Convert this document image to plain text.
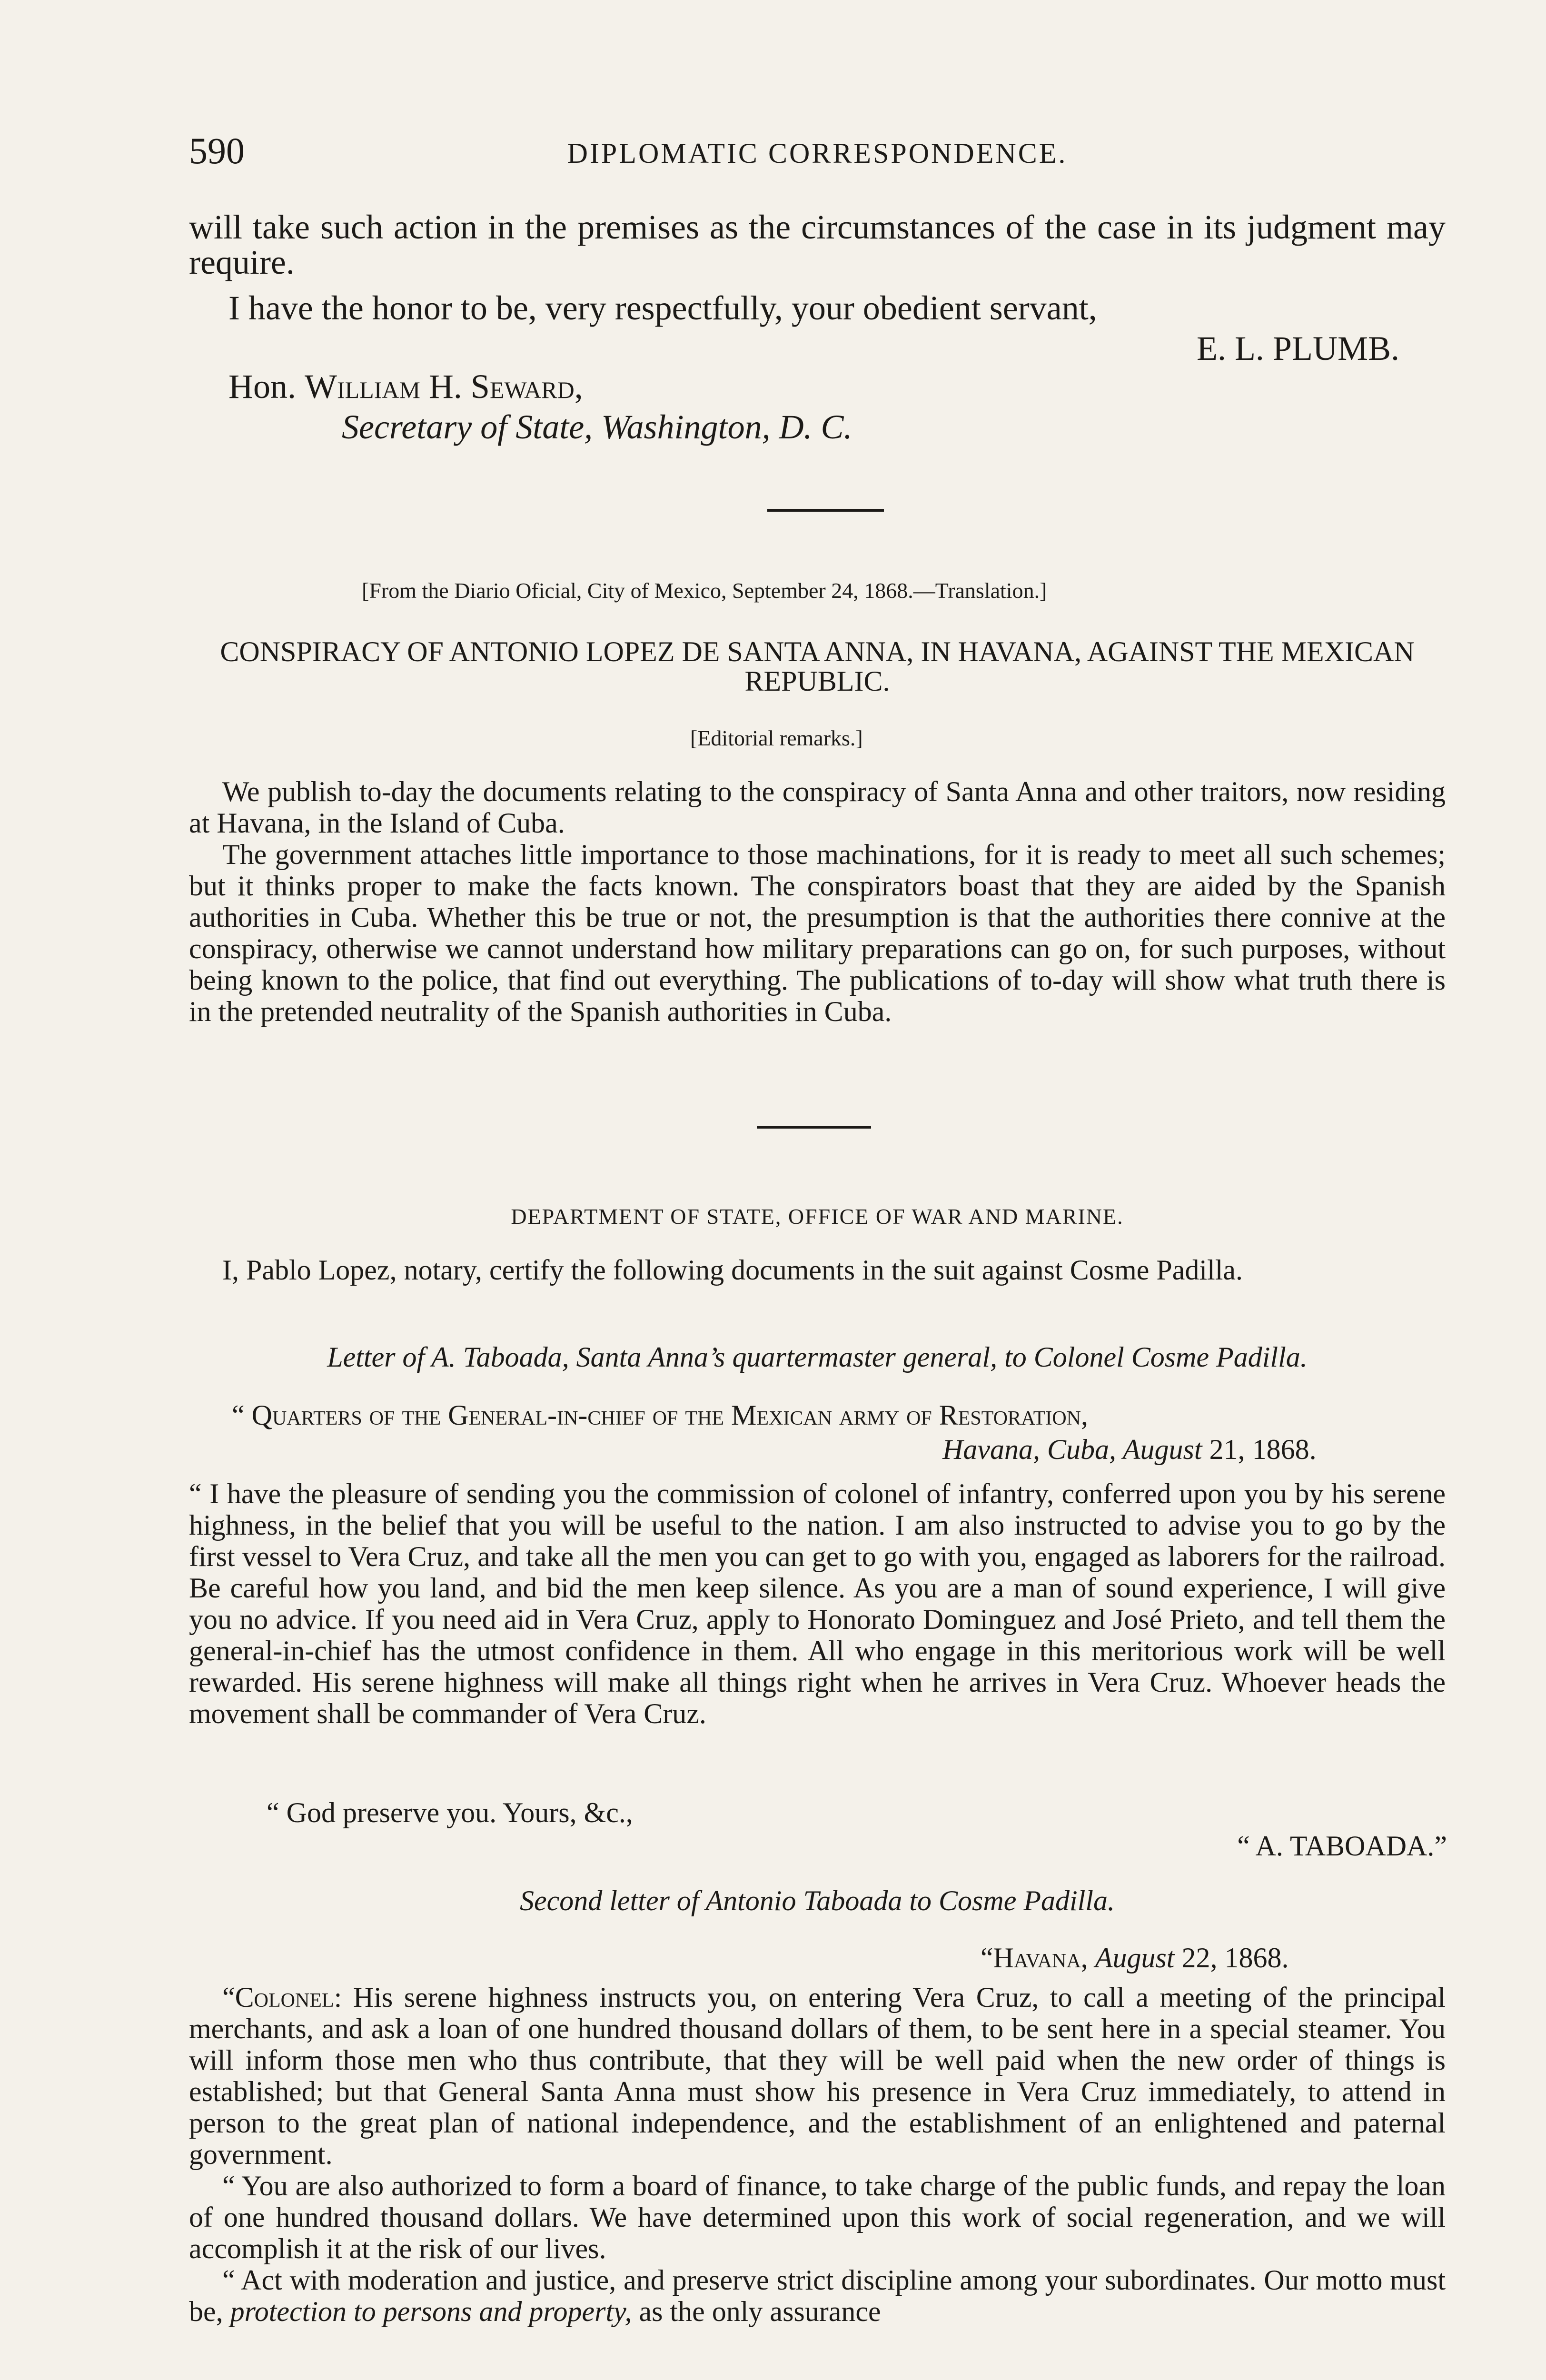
590	DIPLOMATIC CORRESPONDENCE.

will take such action in the premises as the circumstances of the case in its judgment may require.

I have the honor to be, very respectfully, your obedient servant,

E. L. PLUMB.

Hon. William H. Seward,

Secretary of State, Washington, D. C.

[From the Diario Oficial, City of Mexico, September 24, 1868.—Translation.]

CONSPIRACY OF ANTONIO LOPEZ DE SANTA ANNA, IN HAVANA, AGAINST THE MEXICAN REPUBLIC.

[Editorial remarks.]

We publish to-day the documents relating to the conspiracy of Santa Anna and other traitors, now residing at Havana, in the Island of Cuba.

The government attaches little importance to those machinations, for it is ready to meet all such schemes; but it thinks proper to make the facts known. The conspirators boast that they are aided by the Spanish authorities in Cuba. Whether this be true or not, the presumption is that the authorities there connive at the conspiracy, otherwise we cannot understand how military preparations can go on, for such purposes, without being known to the police, that find out everything. The publications of to-day will show what truth there is in the pretended neutrality of the Spanish authorities in Cuba.

DEPARTMENT OF STATE, OFFICE OF WAR AND MARINE.

I, Pablo Lopez, notary, certify the following documents in the suit against Cosme Padilla.

Letter of A. Taboada, Santa Anna’s quartermaster general, to Colonel Cosme Padilla.

“ Quarters of the General-in-chief of the Mexican army of Restoration,

Havana, Cuba, August 21, 1868.

“ I have the pleasure of sending you the commission of colonel of infantry, conferred upon you by his serene highness, in the belief that you will be useful to the nation. I am also instructed to advise you to go by the first vessel to Vera Cruz, and take all the men you can get to go with you, engaged as laborers for the railroad. Be careful how you land, and bid the men keep silence. As you are a man of sound experience, I will give you no advice. If you need aid in Vera Cruz, apply to Honorato Dominguez and José Prieto, and tell them the general-in-chief has the utmost confidence in them. All who engage in this meritorious work will be well rewarded. His serene highness will make all things right when he arrives in Vera Cruz. Whoever heads the movement shall be commander of Vera Cruz.

“ God preserve you. Yours, &c.,

“ A. TABOADA.”

Second letter of Antonio Taboada to Cosme Padilla.

“Havana, August 22, 1868.

“Colonel: His serene highness instructs you, on entering Vera Cruz, to call a meeting of the principal merchants, and ask a loan of one hundred thousand dollars of them, to be sent here in a special steamer. You will inform those men who thus contribute, that they will be well paid when the new order of things is established; but that General Santa Anna must show his presence in Vera Cruz immediately, to attend in person to the great plan of national independence, and the establishment of an enlightened and paternal government.

“ You are also authorized to form a board of finance, to take charge of the public funds, and repay the loan of one hundred thousand dollars. We have determined upon this work of social regeneration, and we will accomplish it at the risk of our lives.

“ Act with moderation and justice, and preserve strict discipline among your subordinates. Our motto must be, protection to persons and property, as the only assurance
